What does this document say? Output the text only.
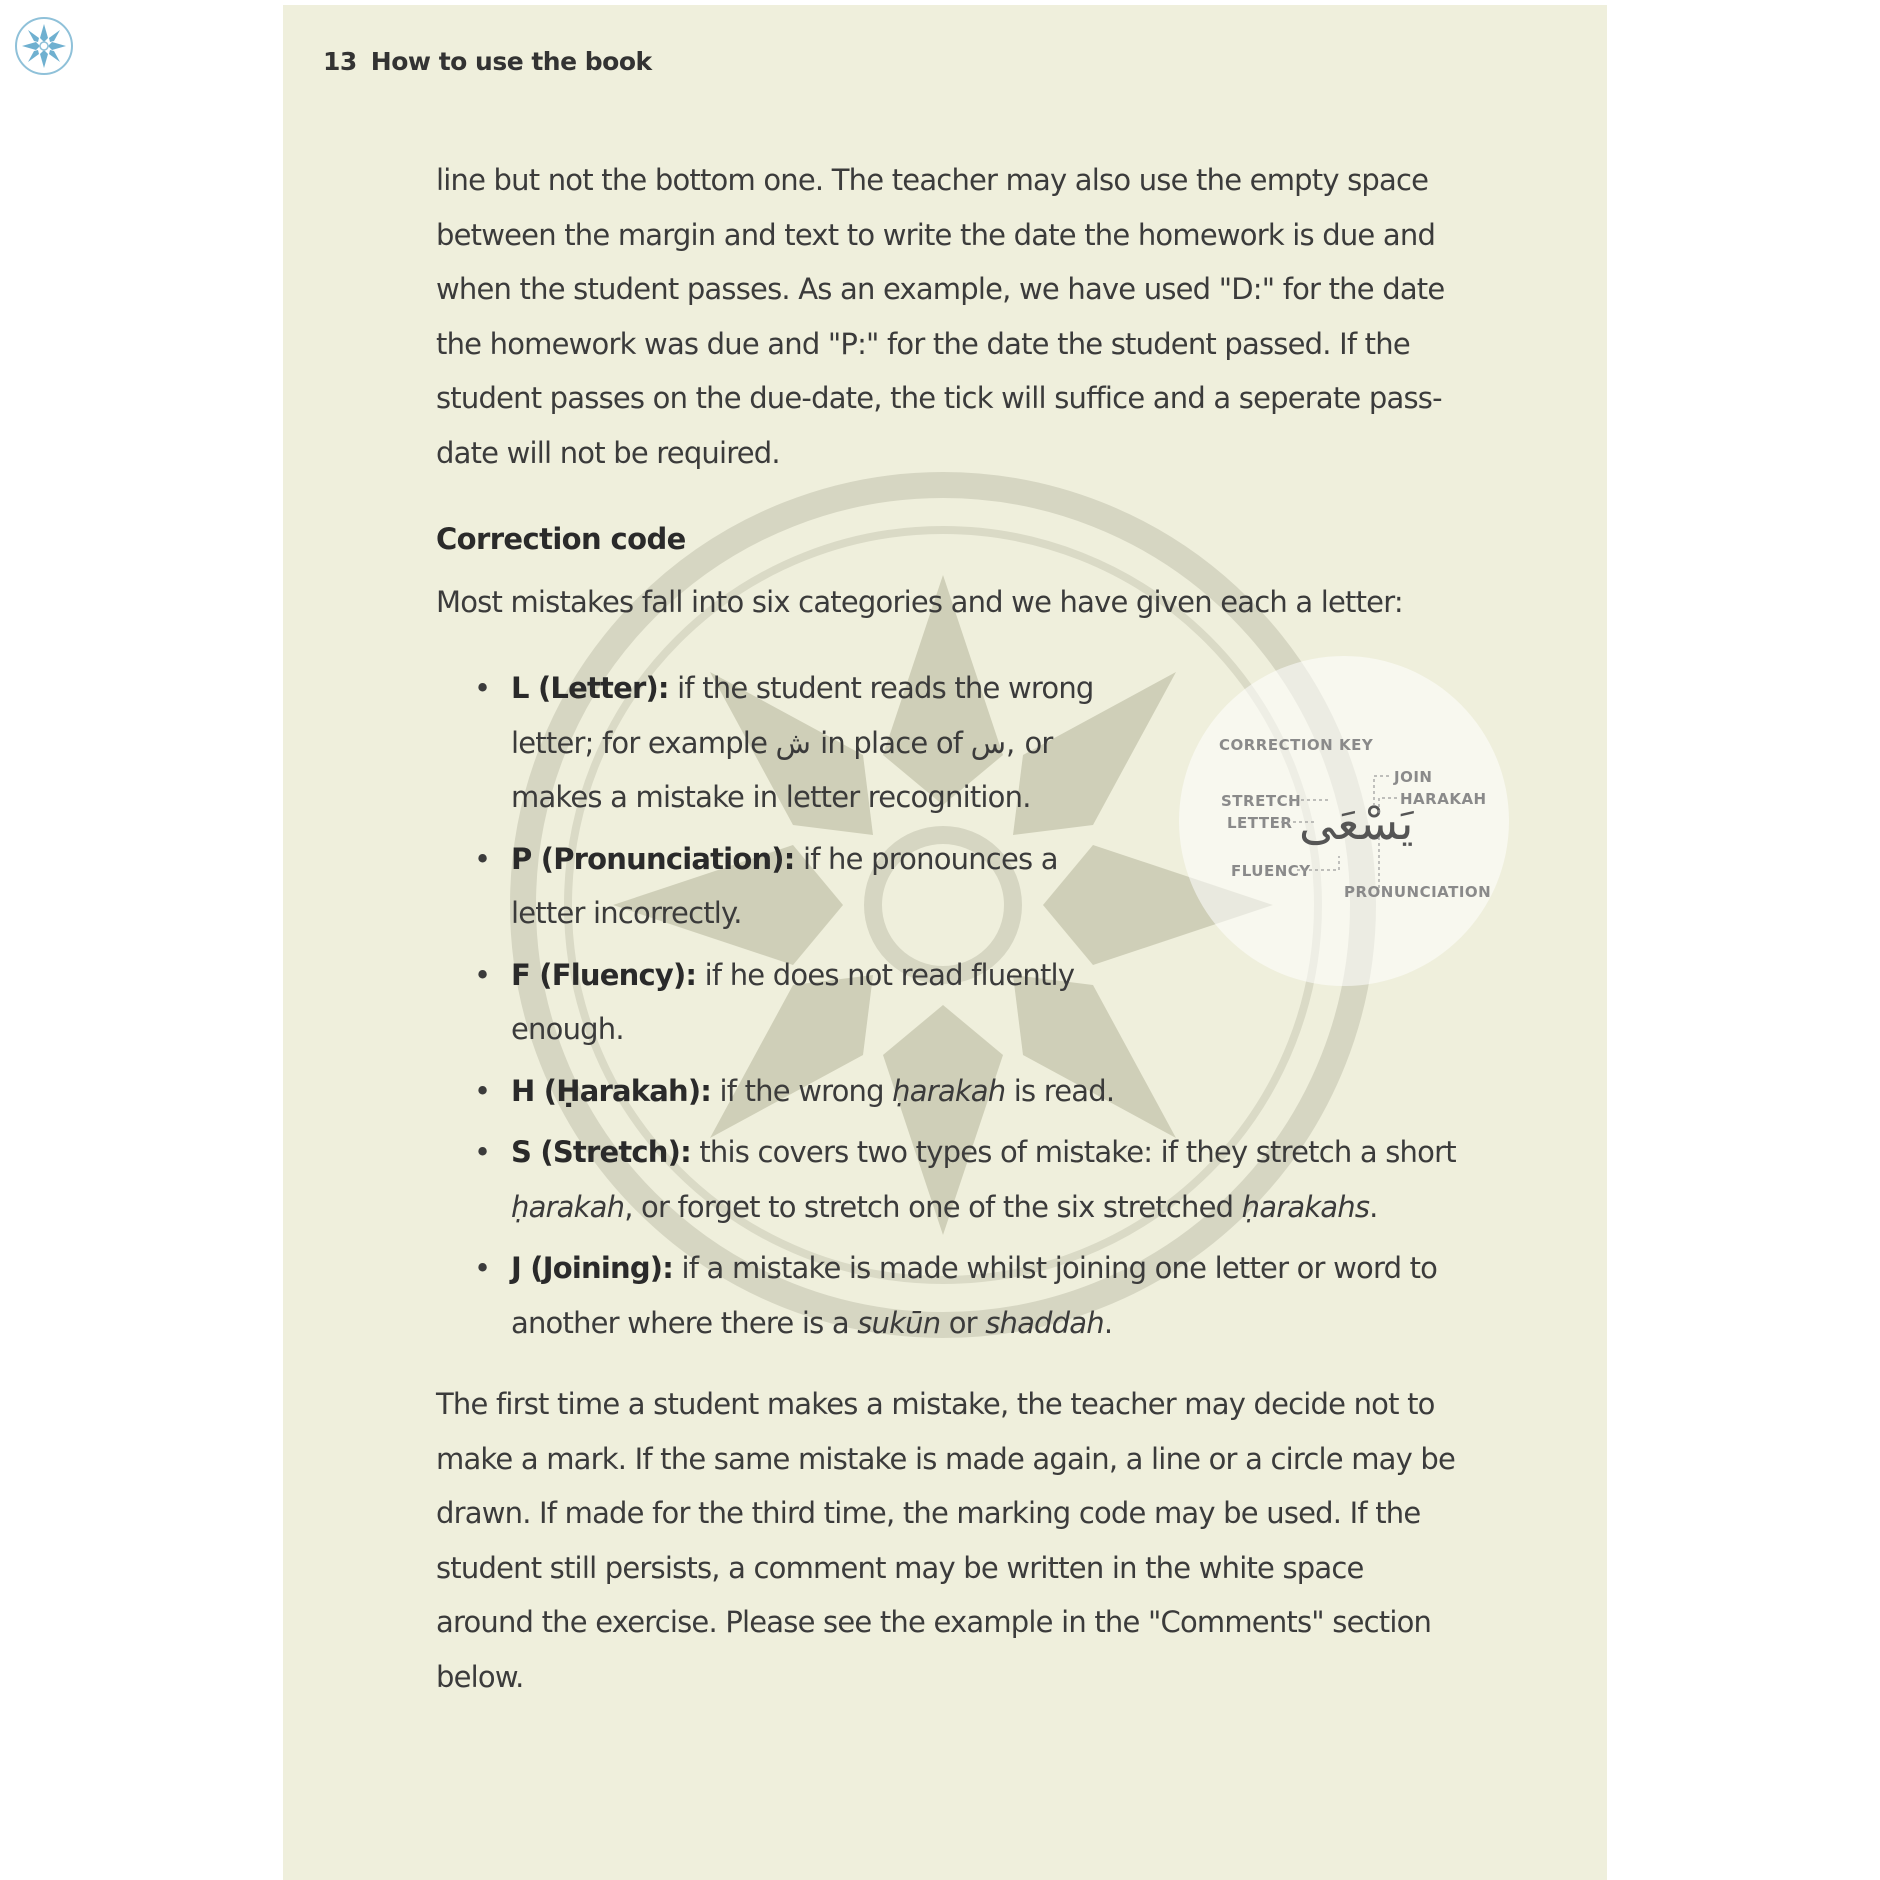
13 How to use the book

line but not the bottom one. The teacher may also use the empty space between the margin and text to write the date the homework is due and when the student passes. As an example, we have used "D:" for the date the homework was due and "P:" for the date the student passed. If the student passes on the due-date, the tick will suffice and a seperate pass-date will not be required.

Correction code
Most mistakes fall into six categories and we have given each a letter:
• L (Letter): if the student reads the wrong letter; for example ش in place of س, or makes a mistake in letter recognition.
• P (Pronunciation): if he pronounces a letter incorrectly.
• F (Fluency): if he does not read fluently enough.
• H (Ḥarakah): if the wrong ḥarakah is read.
• S (Stretch): this covers two types of mistake: if they stretch a short ḥarakah, or forget to stretch one of the six stretched ḥarakahs.
• J (Joining): if a mistake is made whilst joining one letter or word to another where there is a sukūn or shaddah.
CORRECTION KEY
JOIN
HARAKAH
STRETCH
LETTER
FLUENCY
PRONUNCIATION
يَسْعَى

The first time a student makes a mistake, the teacher may decide not to make a mark. If the same mistake is made again, a line or a circle may be drawn. If made for the third time, the marking code may be used. If the student still persists, a comment may be written in the white space around the exercise. Please see the example in the "Comments" section below.
